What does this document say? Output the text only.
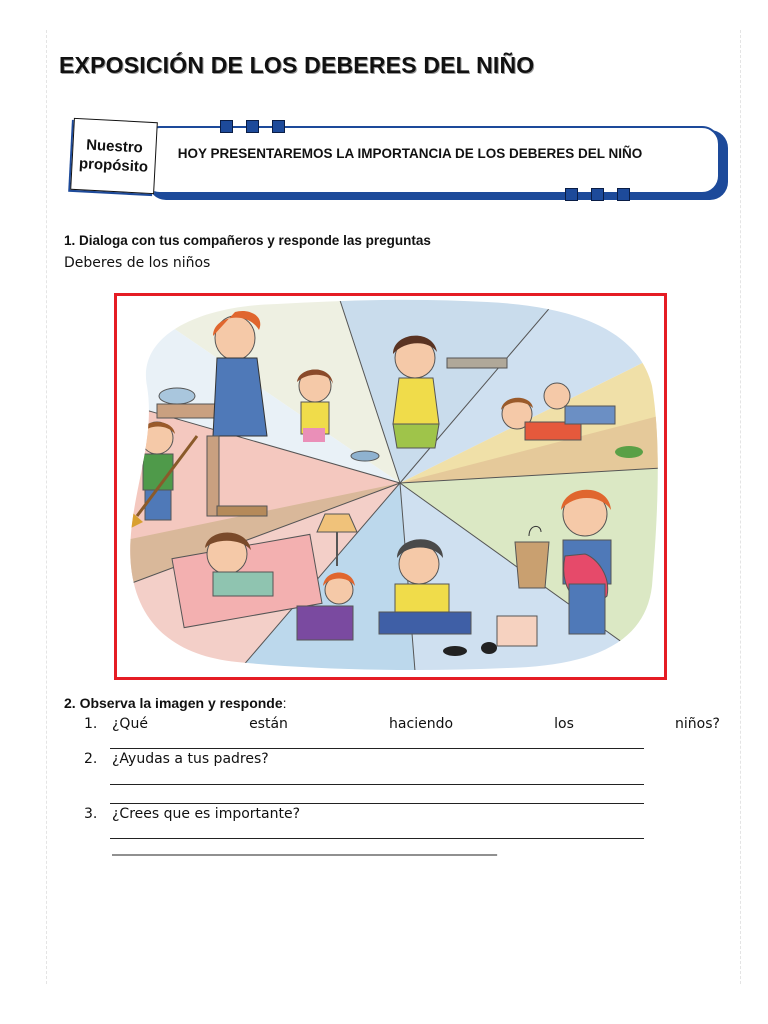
EXPOSICIÓN DE LOS DEBERES DEL NIÑO
HOY PRESENTAREMOS LA IMPORTANCIA DE LOS DEBERES DEL NIÑO
Nuestro
propósito
1. Dialoga con tus compañeros y responde las preguntas
Deberes de los niños
2. Observa la imagen y responde:
1. ¿Qué	están	haciendo	los	niños?
2. ¿Ayudas a tus padres?
3. ¿Crees que es importante?
_______________________________________________________________________
